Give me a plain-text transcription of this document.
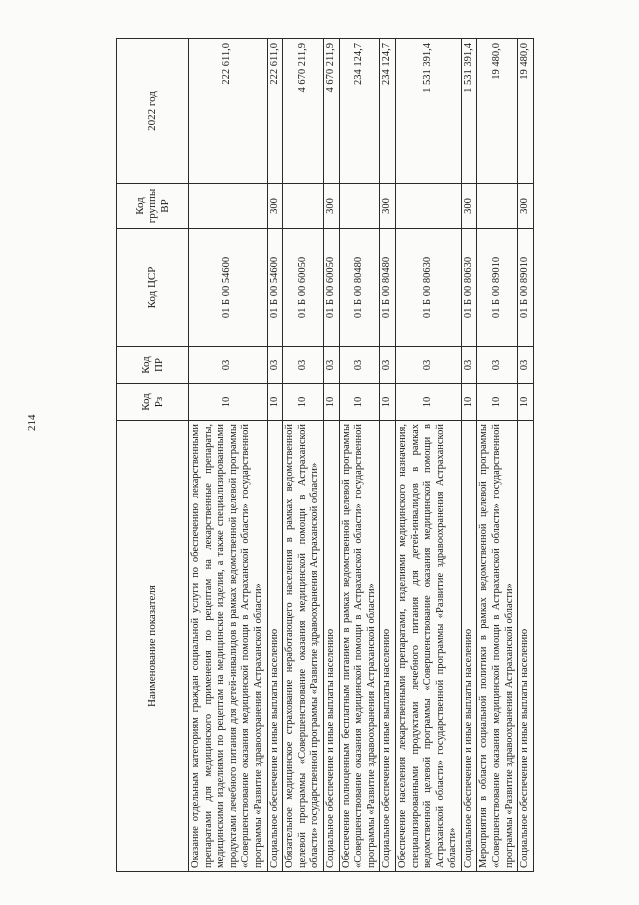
214
Наименование показателя	Код Рз	Код ПР	Код ЦСР	Код группы ВР	2022 год
Оказание отдельным категориям граждан социальной услуги по обеспечению лекарственными препаратами для медицинского применения по рецептам на лекарственные препараты, медицинскими изделиями по рецептам на медицинские изделия, а также специализированными продуктами лечебного питания для детей-инвалидов в рамках ведомственной целевой программы «Совершенствование оказания медицинской помощи в Астраханской области» государственной программы «Развитие здравоохранения Астраханской области»	10	03	01 Б 00 54600		222 611,0
Социальное обеспечение и иные выплаты населению	10	03	01 Б 00 54600	300	222 611,0
Обязательное медицинское страхование неработающего населения в рамках ведомственной целевой программы «Совершенствование оказания медицинской помощи в Астраханской области» государственной программы «Развитие здравоохранения Астраханской области»	10	03	01 Б 00 60050		4 670 211,9
Социальное обеспечение и иные выплаты населению	10	03	01 Б 00 60050	300	4 670 211,9
Обеспечение полноценным бесплатным питанием в рамках ведомственной целевой программы «Совершенствование оказания медицинской помощи в Астраханской области» государственной программы «Развитие здравоохранения Астраханской области»	10	03	01 Б 00 80480		234 124,7
Социальное обеспечение и иные выплаты населению	10	03	01 Б 00 80480	300	234 124,7
Обеспечение населения лекарственными препаратами, изделиями медицинского назначения, специализированными продуктами лечебного питания для детей-инвалидов в рамках ведомственной целевой программы «Совершенствование оказания медицинской помощи в Астраханской области» государственной программы «Развитие здравоохранения Астраханской области»	10	03	01 Б 00 80630		1 531 391,4
Социальное обеспечение и иные выплаты населению	10	03	01 Б 00 80630	300	1 531 391,4
Мероприятия в области социальной политики в рамках ведомственной целевой программы «Совершенствование оказания медицинской помощи в Астраханской области» государственной программы «Развитие здравоохранения Астраханской области»	10	03	01 Б 00 89010		19 480,0
Социальное обеспечение и иные выплаты населению	10	03	01 Б 00 89010	300	19 480,0
